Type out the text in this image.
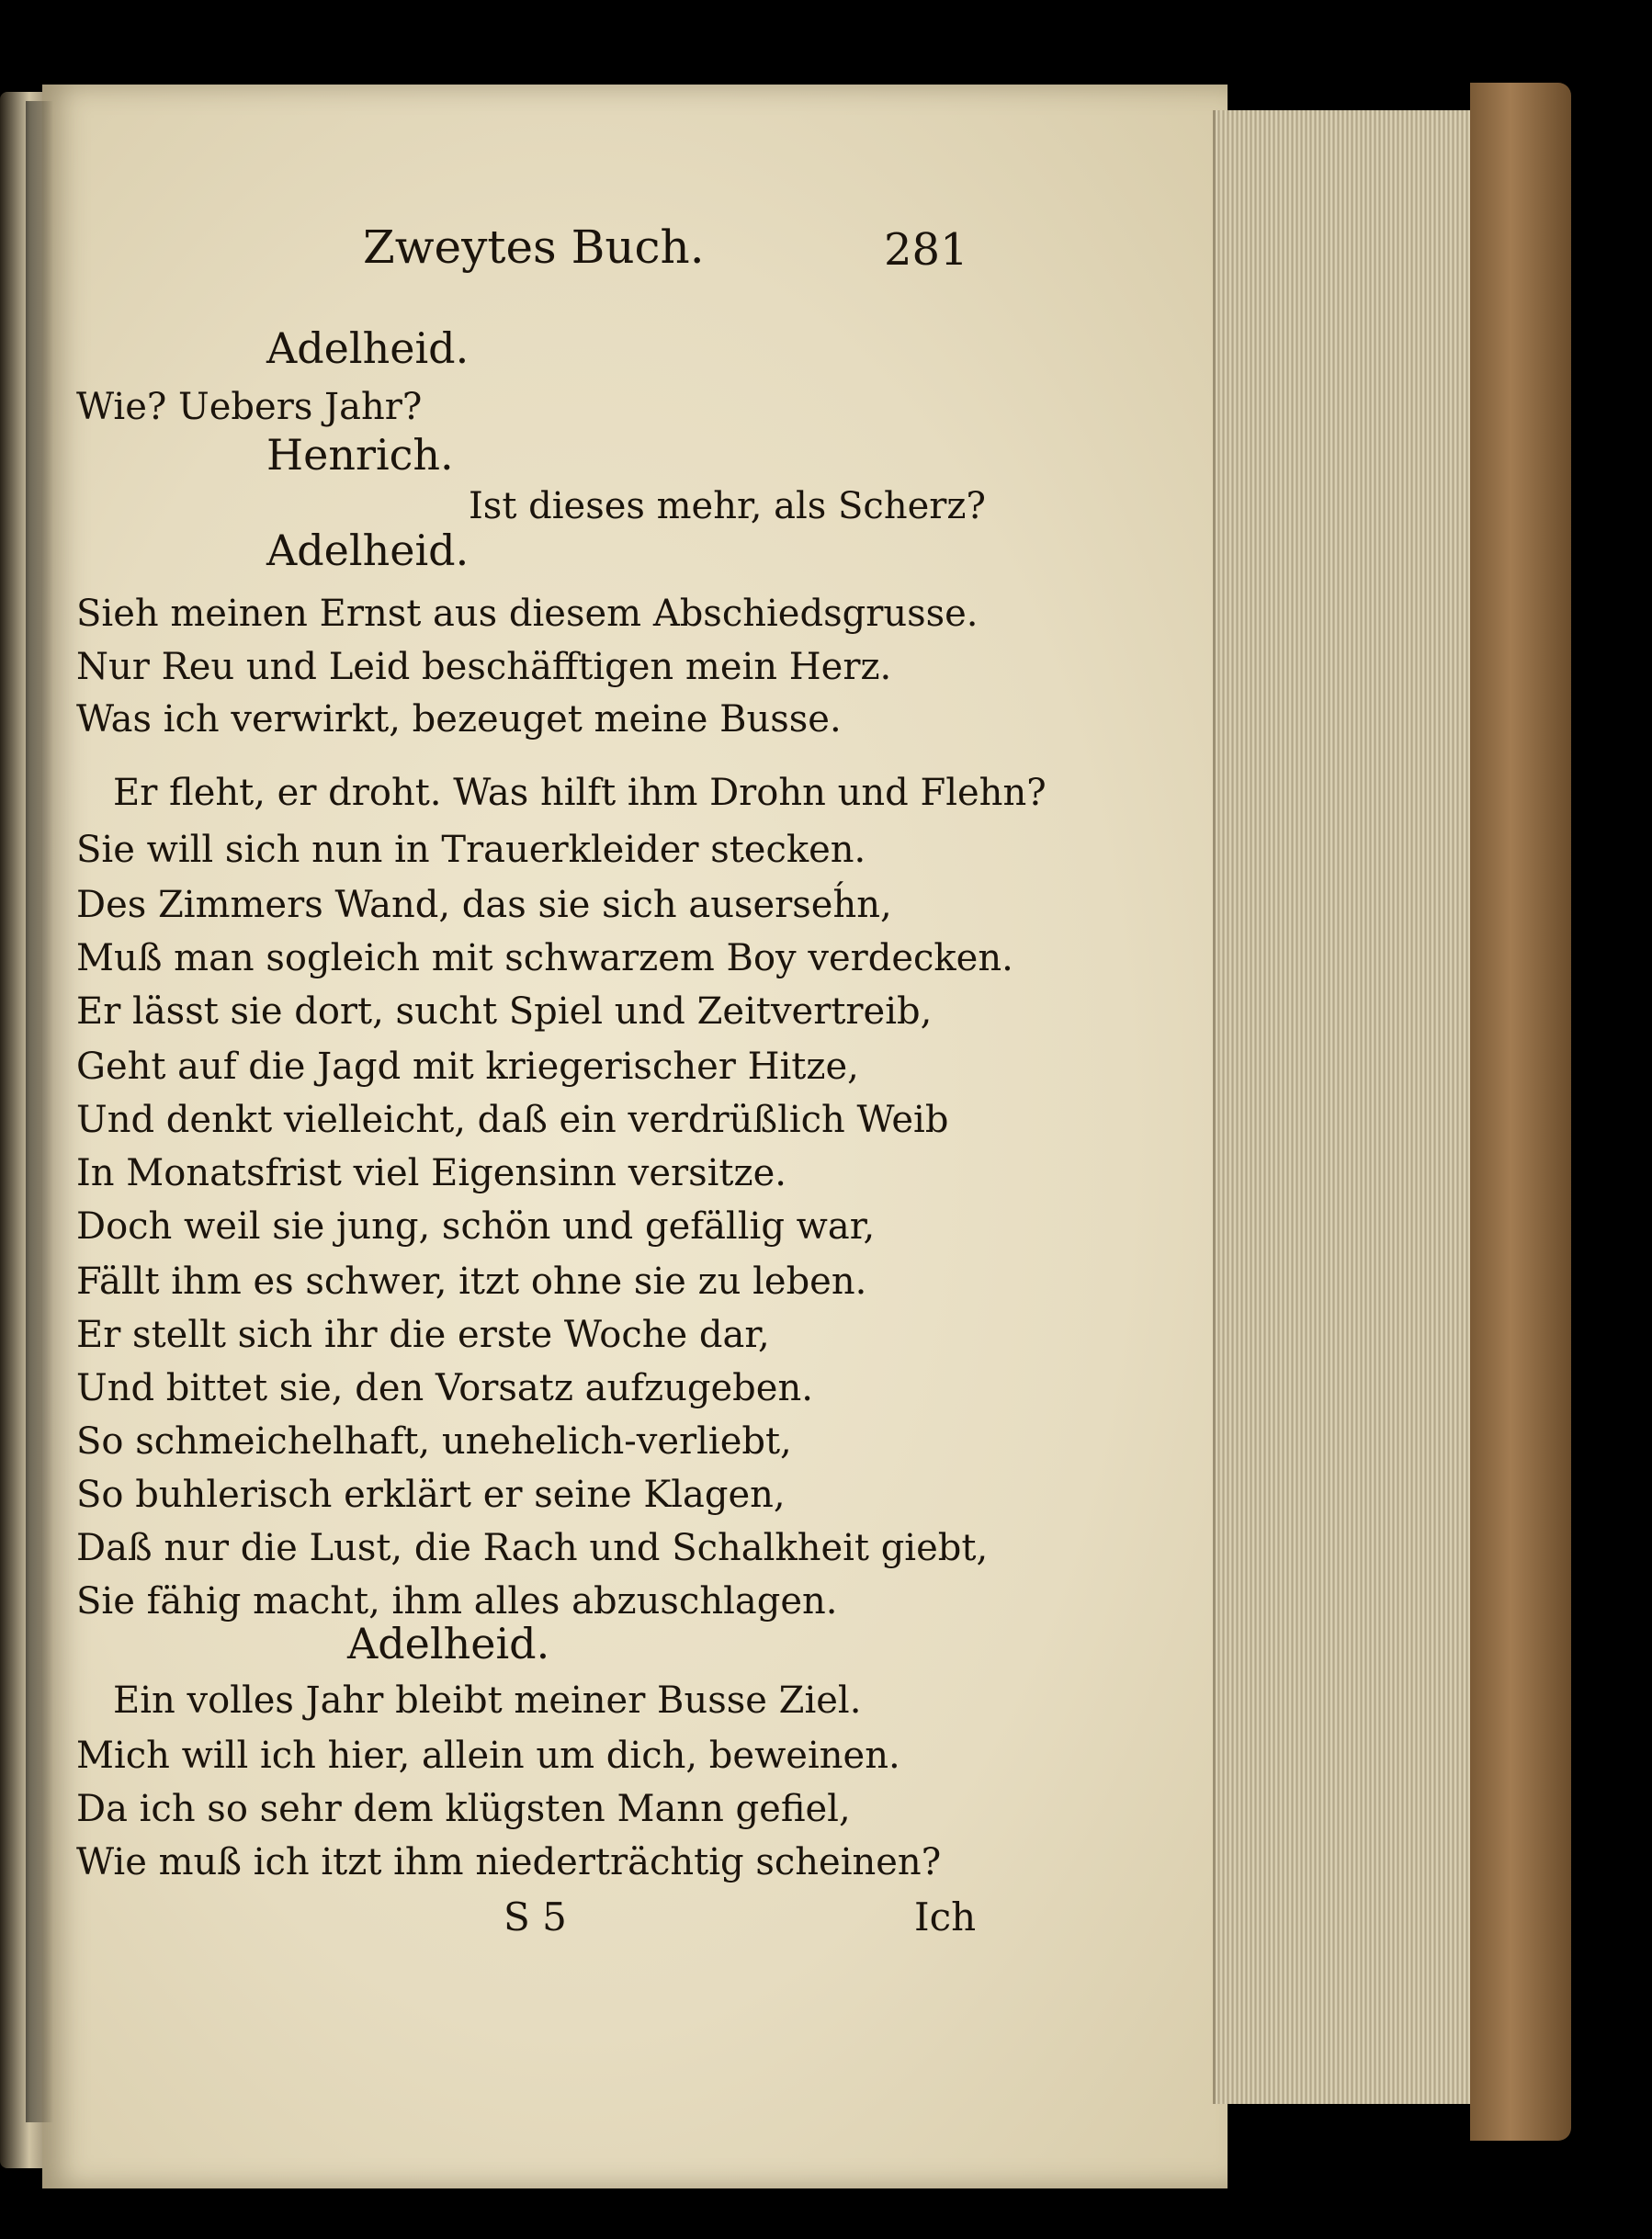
Zweytes Buch.	281
Adelheid.
Wie? Uebers Jahr?
Henrich.
Ist dieses mehr, als Scherz?
Adelheid.
Sieh meinen Ernst aus diesem Abschiedsgrusse.
Nur Reu und Leid beschäfftigen mein Herz.
Was ich verwirkt, bezeuget meine Busse.
Er fleht, er droht. Was hilft ihm Drohn und Flehn?
Sie will sich nun in Trauerkleider stecken.
Des Zimmers Wand, das sie sich auserseh́n,
Muß man sogleich mit schwarzem Boy verdecken.
Er lässt sie dort, sucht Spiel und Zeitvertreib,
Geht auf die Jagd mit kriegerischer Hitze,
Und denkt vielleicht, daß ein verdrüßlich Weib
In Monatsfrist viel Eigensinn versitze.
Doch weil sie jung, schön und gefällig war,
Fällt ihm es schwer, itzt ohne sie zu leben.
Er stellt sich ihr die erste Woche dar,
Und bittet sie, den Vorsatz aufzugeben.
So schmeichelhaft, unehelich-verliebt,
So buhlerisch erklärt er seine Klagen,
Daß nur die Lust, die Rach und Schalkheit giebt,
Sie fähig macht, ihm alles abzuschlagen.
Adelheid.
Ein volles Jahr bleibt meiner Busse Ziel.
Mich will ich hier, allein um dich, beweinen.
Da ich so sehr dem klügsten Mann gefiel,
Wie muß ich itzt ihm niederträchtig scheinen?
S 5	Ich
